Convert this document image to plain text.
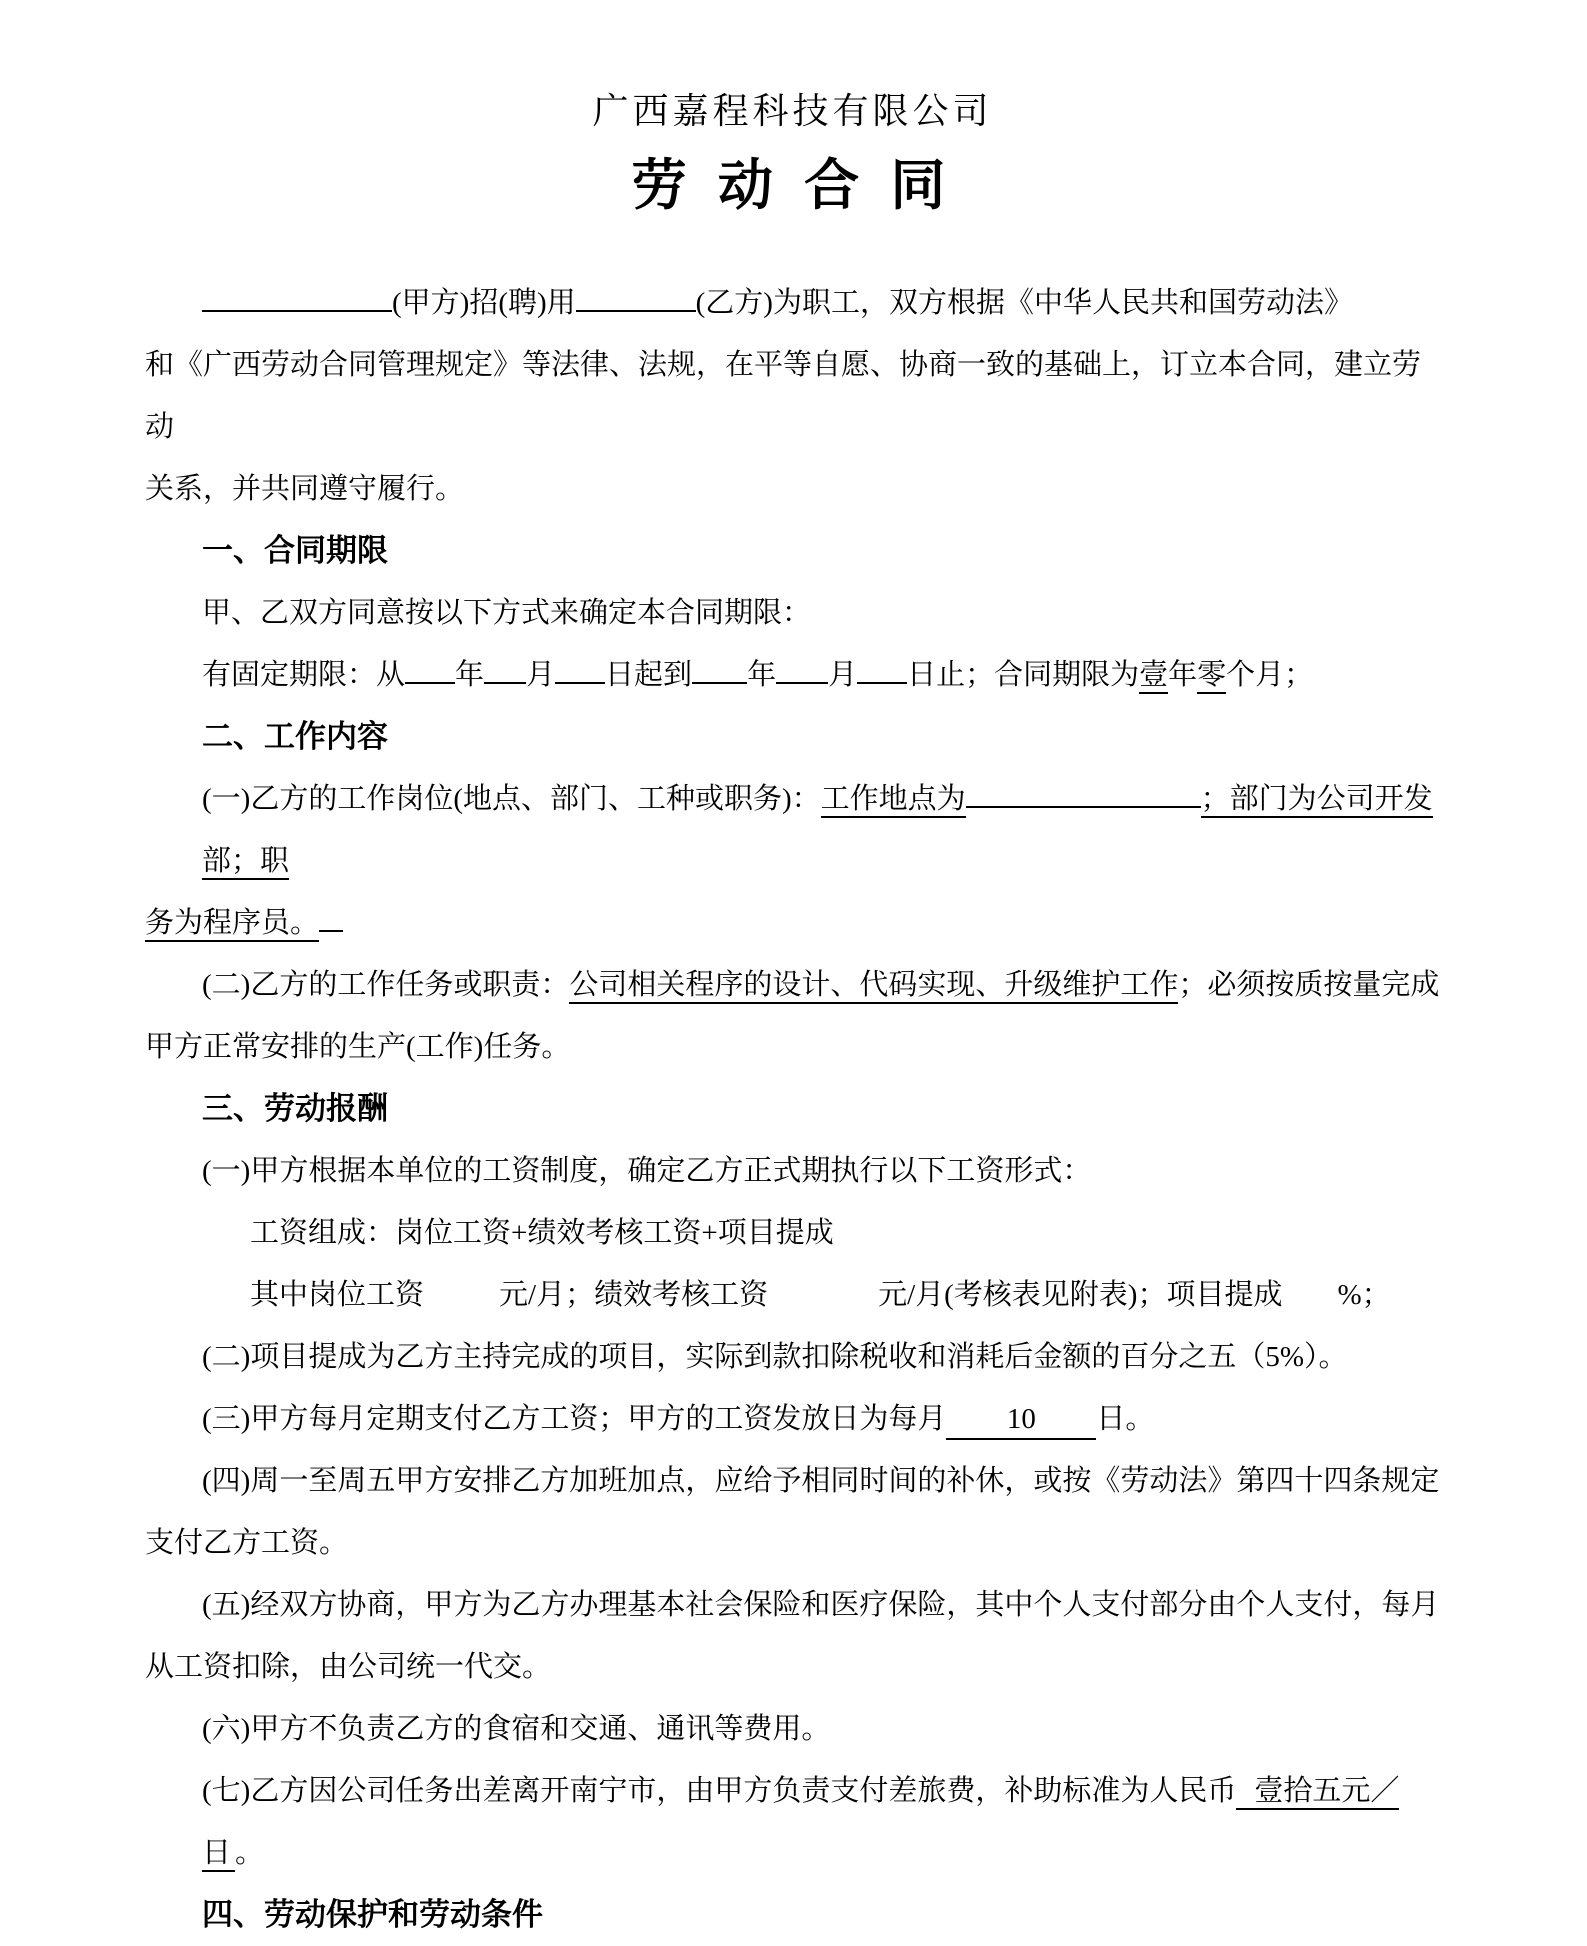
广西嘉程科技有限公司
劳 动 合 同
(甲方)招(聘)用	(乙方)为职工，双方根据《中华人民共和国劳动法》
和《广西劳动合同管理规定》等法律、法规，在平等自愿、协商一致的基础上，订立本合同，建立劳动
关系，并共同遵守履行。
一、合同期限
甲、乙双方同意按以下方式来确定本合同期限：
有固定期限：从 年 月 日起到 年 月 日止；合同期限为壹年零个月；
二、工作内容
(一)乙方的工作岗位(地点、部门、工种或职务)：工作地点为	；部门为公司开发部；职
务为程序员。
(二)乙方的工作任务或职责：公司相关程序的设计、代码实现、升级维护工作；必须按质按量完成
甲方正常安排的生产(工作)任务。
三、劳动报酬
(一)甲方根据本单位的工资制度，确定乙方正式期执行以下工资形式：
工资组成：岗位工资+绩效考核工资+项目提成
其中岗位工资	元/月；绩效考核工资	元/月(考核表见附表)；项目提成 %；
(二)项目提成为乙方主持完成的项目，实际到款扣除税收和消耗后金额的百分之五（5%）。
(三)甲方每月定期支付乙方工资；甲方的工资发放日为每月 10 日。
(四)周一至周五甲方安排乙方加班加点，应给予相同时间的补休，或按《劳动法》第四十四条规定
支付乙方工资。
(五)经双方协商，甲方为乙方办理基本社会保险和医疗保险，其中个人支付部分由个人支付，每月
从工资扣除，由公司统一代交。
(六)甲方不负责乙方的食宿和交通、通讯等费用。
(七)乙方因公司任务出差离开南宁市，由甲方负责支付差旅费，补助标准为人民币 壹拾五元／日 。
四、劳动保护和劳动条件
